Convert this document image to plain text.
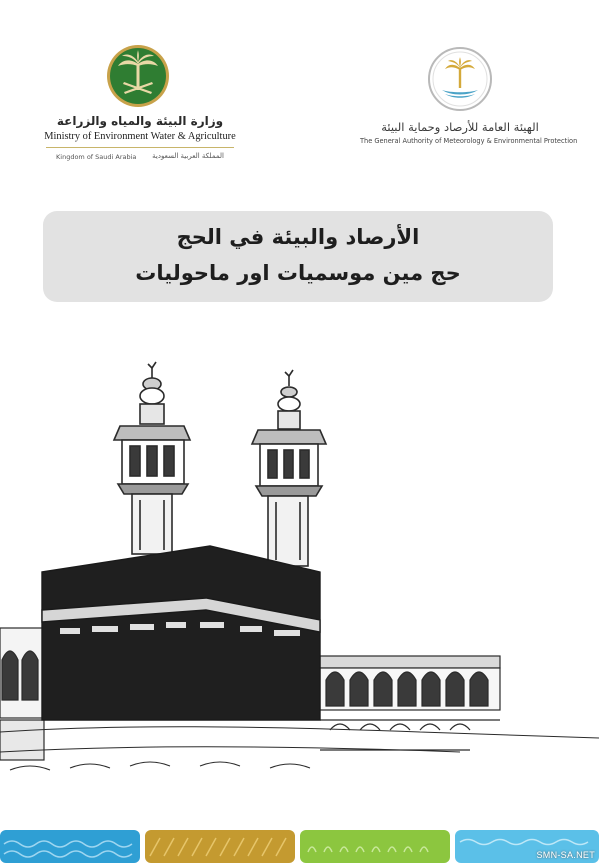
وزارة البيئة والمياه والزراعة
Ministry of Environment Water & Agriculture
Kingdom of Saudi Arabia المملكة العربية السعودية
الهيئة العامة للأرصاد وحماية البيئة
The General Authority of Meteorology & Environmental Protection
الأرصاد والبيئة في الحج
حج مين موسميات اور ماحوليات
SMN-SA.NET
